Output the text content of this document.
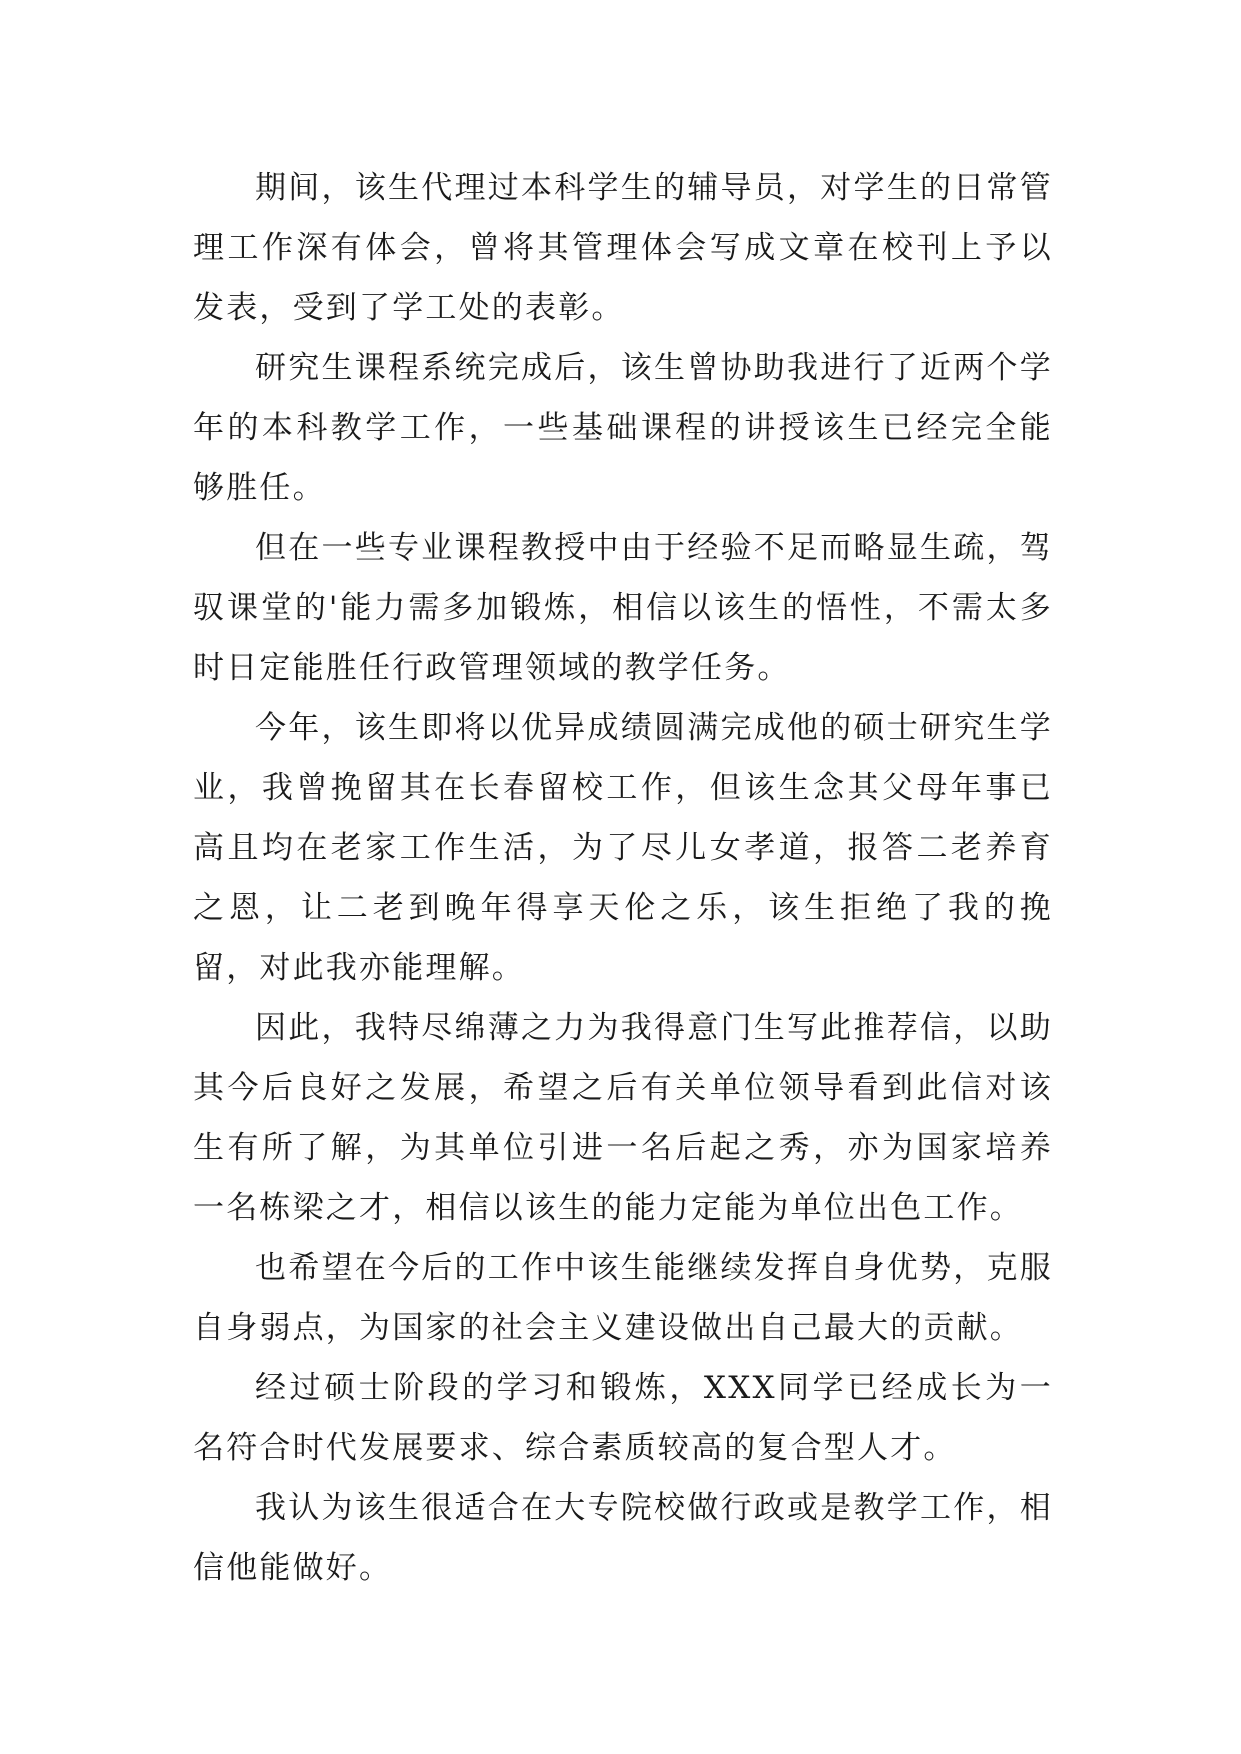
期间，该生代理过本科学生的辅导员，对学生的日常管理工作深有体会，曾将其管理体会写成文章在校刊上予以发表，受到了学工处的表彰。

研究生课程系统完成后，该生曾协助我进行了近两个学年的本科教学工作，一些基础课程的讲授该生已经完全能够胜任。

但在一些专业课程教授中由于经验不足而略显生疏，驾驭课堂的'能力需多加锻炼，相信以该生的悟性，不需太多时日定能胜任行政管理领域的教学任务。

今年，该生即将以优异成绩圆满完成他的硕士研究生学业，我曾挽留其在长春留校工作，但该生念其父母年事已高且均在老家工作生活，为了尽儿女孝道，报答二老养育之恩，让二老到晚年得享天伦之乐，该生拒绝了我的挽留，对此我亦能理解。

因此，我特尽绵薄之力为我得意门生写此推荐信，以助其今后良好之发展，希望之后有关单位领导看到此信对该生有所了解，为其单位引进一名后起之秀，亦为国家培养一名栋梁之才，相信以该生的能力定能为单位出色工作。

也希望在今后的工作中该生能继续发挥自身优势，克服自身弱点，为国家的社会主义建设做出自己最大的贡献。

经过硕士阶段的学习和锻炼，XXX同学已经成长为一名符合时代发展要求、综合素质较高的复合型人才。

我认为该生很适合在大专院校做行政或是教学工作，相信他能做好。
